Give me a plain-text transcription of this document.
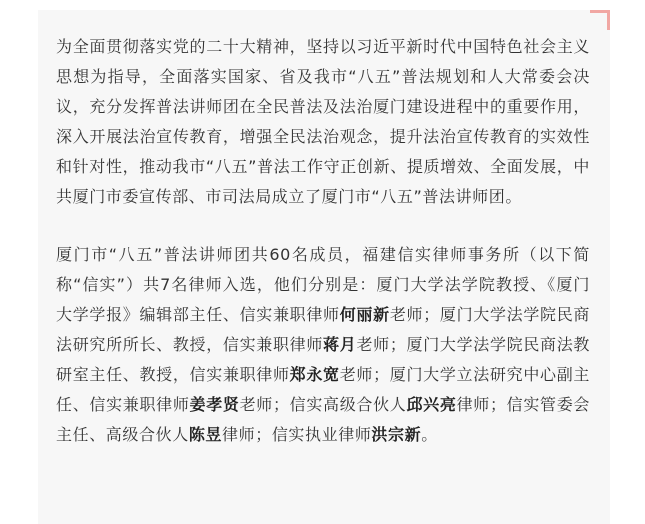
为全面贯彻落实党的二十大精神，坚持以习近平新时代中国特色社会主义思想为指导，全面落实国家、省及我市“八五”普法规划和人大常委会决议，充分发挥普法讲师团在全民普法及法治厦门建设进程中的重要作用，深入开展法治宣传教育，增强全民法治观念，提升法治宣传教育的实效性和针对性，推动我市“八五”普法工作守正创新、提质增效、全面发展，中共厦门市委宣传部、市司法局成立了厦门市“八五”普法讲师团。

厦门市“八五”普法讲师团共60名成员，福建信实律师事务所（以下简称“信实”）共7名律师入选，他们分别是：厦门大学法学院教授、《厦门大学学报》编辑部主任、信实兼职律师何丽新老师；厦门大学法学院民商法研究所所长、教授，信实兼职律师蒋月老师；厦门大学法学院民商法教研室主任、教授，信实兼职律师郑永宽老师；厦门大学立法研究中心副主任、信实兼职律师姜孝贤老师；信实高级合伙人邱兴亮律师；信实管委会主任、高级合伙人陈昱律师；信实执业律师洪宗新。
